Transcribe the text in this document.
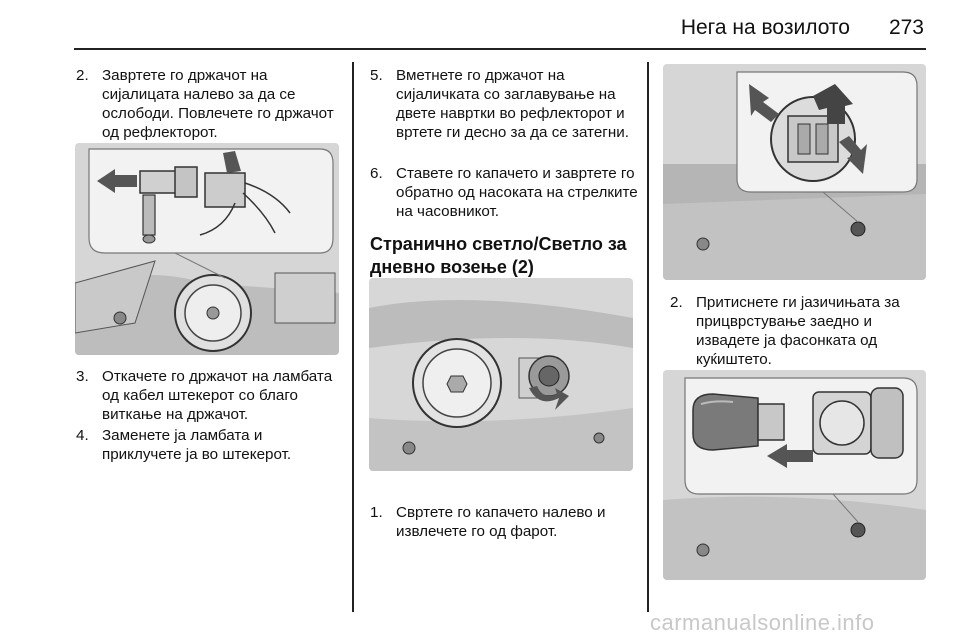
Нега на возилото	273
2. Завртете го држачот на сијалицата налево за да се ослободи. Повлечете го држачот од рефлекторот.
3. Откачете го држачот на ламбата од кабел штекерот со благо виткање на држачот.
4. Заменете ја ламбата и приклучете ја во штекерот.
5. Вметнете го држачот на сијаличката со заглавување на двете навртки во рефлекторот и вртете ги десно за да се затегни.
6. Ставете го капачето и завртете го обратно од насоката на стрелките на часовникот.
Странично светло/Светло за дневно возење (2)
1. Свртете го капачето налево и извлечете го од фарот.
2. Притиснете ги јазичињата за прицврстување заедно и извадете ја фасонката од куќиштето.
carmanualsonline.info
